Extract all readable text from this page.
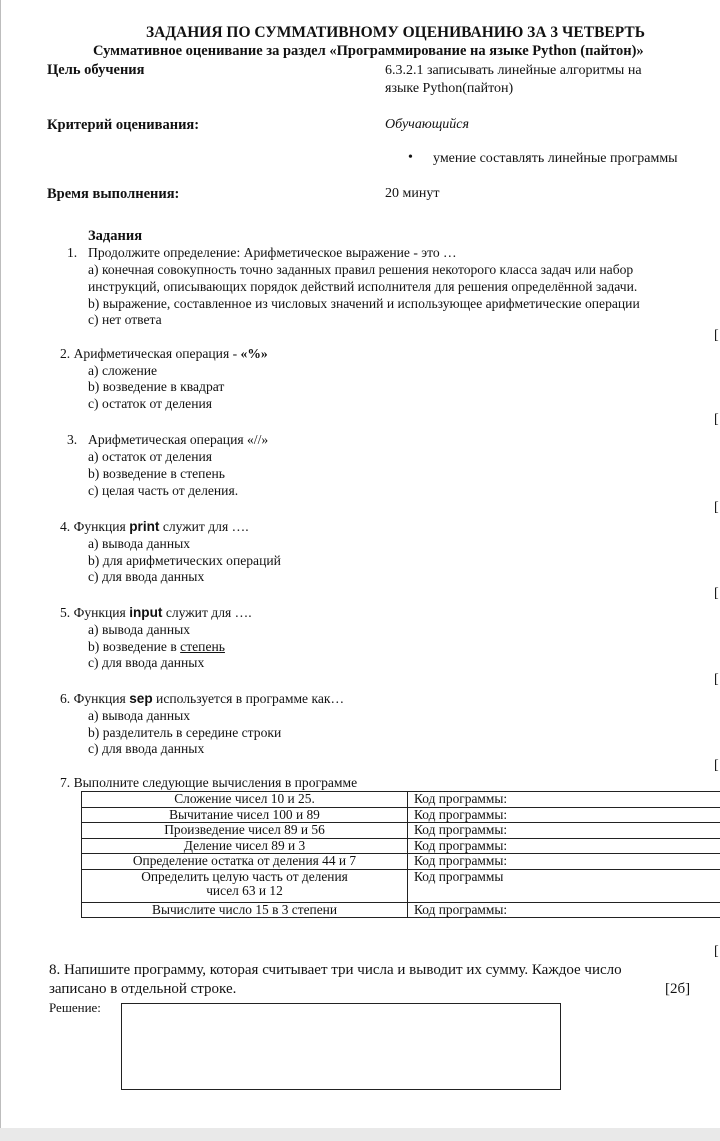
ЗАДАНИЯ ПО СУММАТИВНОМУ ОЦЕНИВАНИЮ ЗА 3 ЧЕТВЕРТЬ
Суммативное оценивание за раздел «Программирование на языке Python (пайтон)»
Цель обучения	6.3.2.1 записывать линейные алгоритмы на
языке Python(пайтон)
Критерий оценивания:	Обучающийся
• умение составлять линейные программы
Время выполнения:	20 минут
Задания
1. Продолжите определение: Арифметическое выражение - это …
а) конечная совокупность точно заданных правил решения некоторого класса задач или набор
инструкций, описывающих порядок действий исполнителя для решения определённой задачи.
b) выражение, составленное из числовых значений и использующее арифметические операции
c) нет ответа
[
2. Арифметическая операция - «%»
а) сложение
b) возведение в квадрат
c) остаток от деления
[
3. Арифметическая операция «//»
а) остаток от деления
b) возведение в степень
c) целая часть от деления.
[
4. Функция print служит для ….
а) вывода данных
b) для арифметических операций
c) для ввода данных
[
5. Функция input служит для ….
а) вывода данных
b) возведение в степень
c) для ввода данных
[
6. Функция sep используется в программе как…
а) вывода данных
b) разделитель в середине строки
c) для ввода данных
[
7. Выполните следующие вычисления в программе
Сложение чисел 10 и 25.	Код программы:
Вычитание чисел 100 и 89	Код программы:
Произведение чисел 89 и 56	Код программы:
Деление чисел 89 и 3	Код программы:
Определение остатка от деления 44 и 7	Код программы:

Определить целую часть от деления
чисел 63 и 12	Код программы
Вычислите число 15 в 3 степени	Код программы:
[
8. Напишите программу, которая считывает три числа и выводит их сумму. Каждое число
записано в отдельной строке.	[2б]
Решение:
